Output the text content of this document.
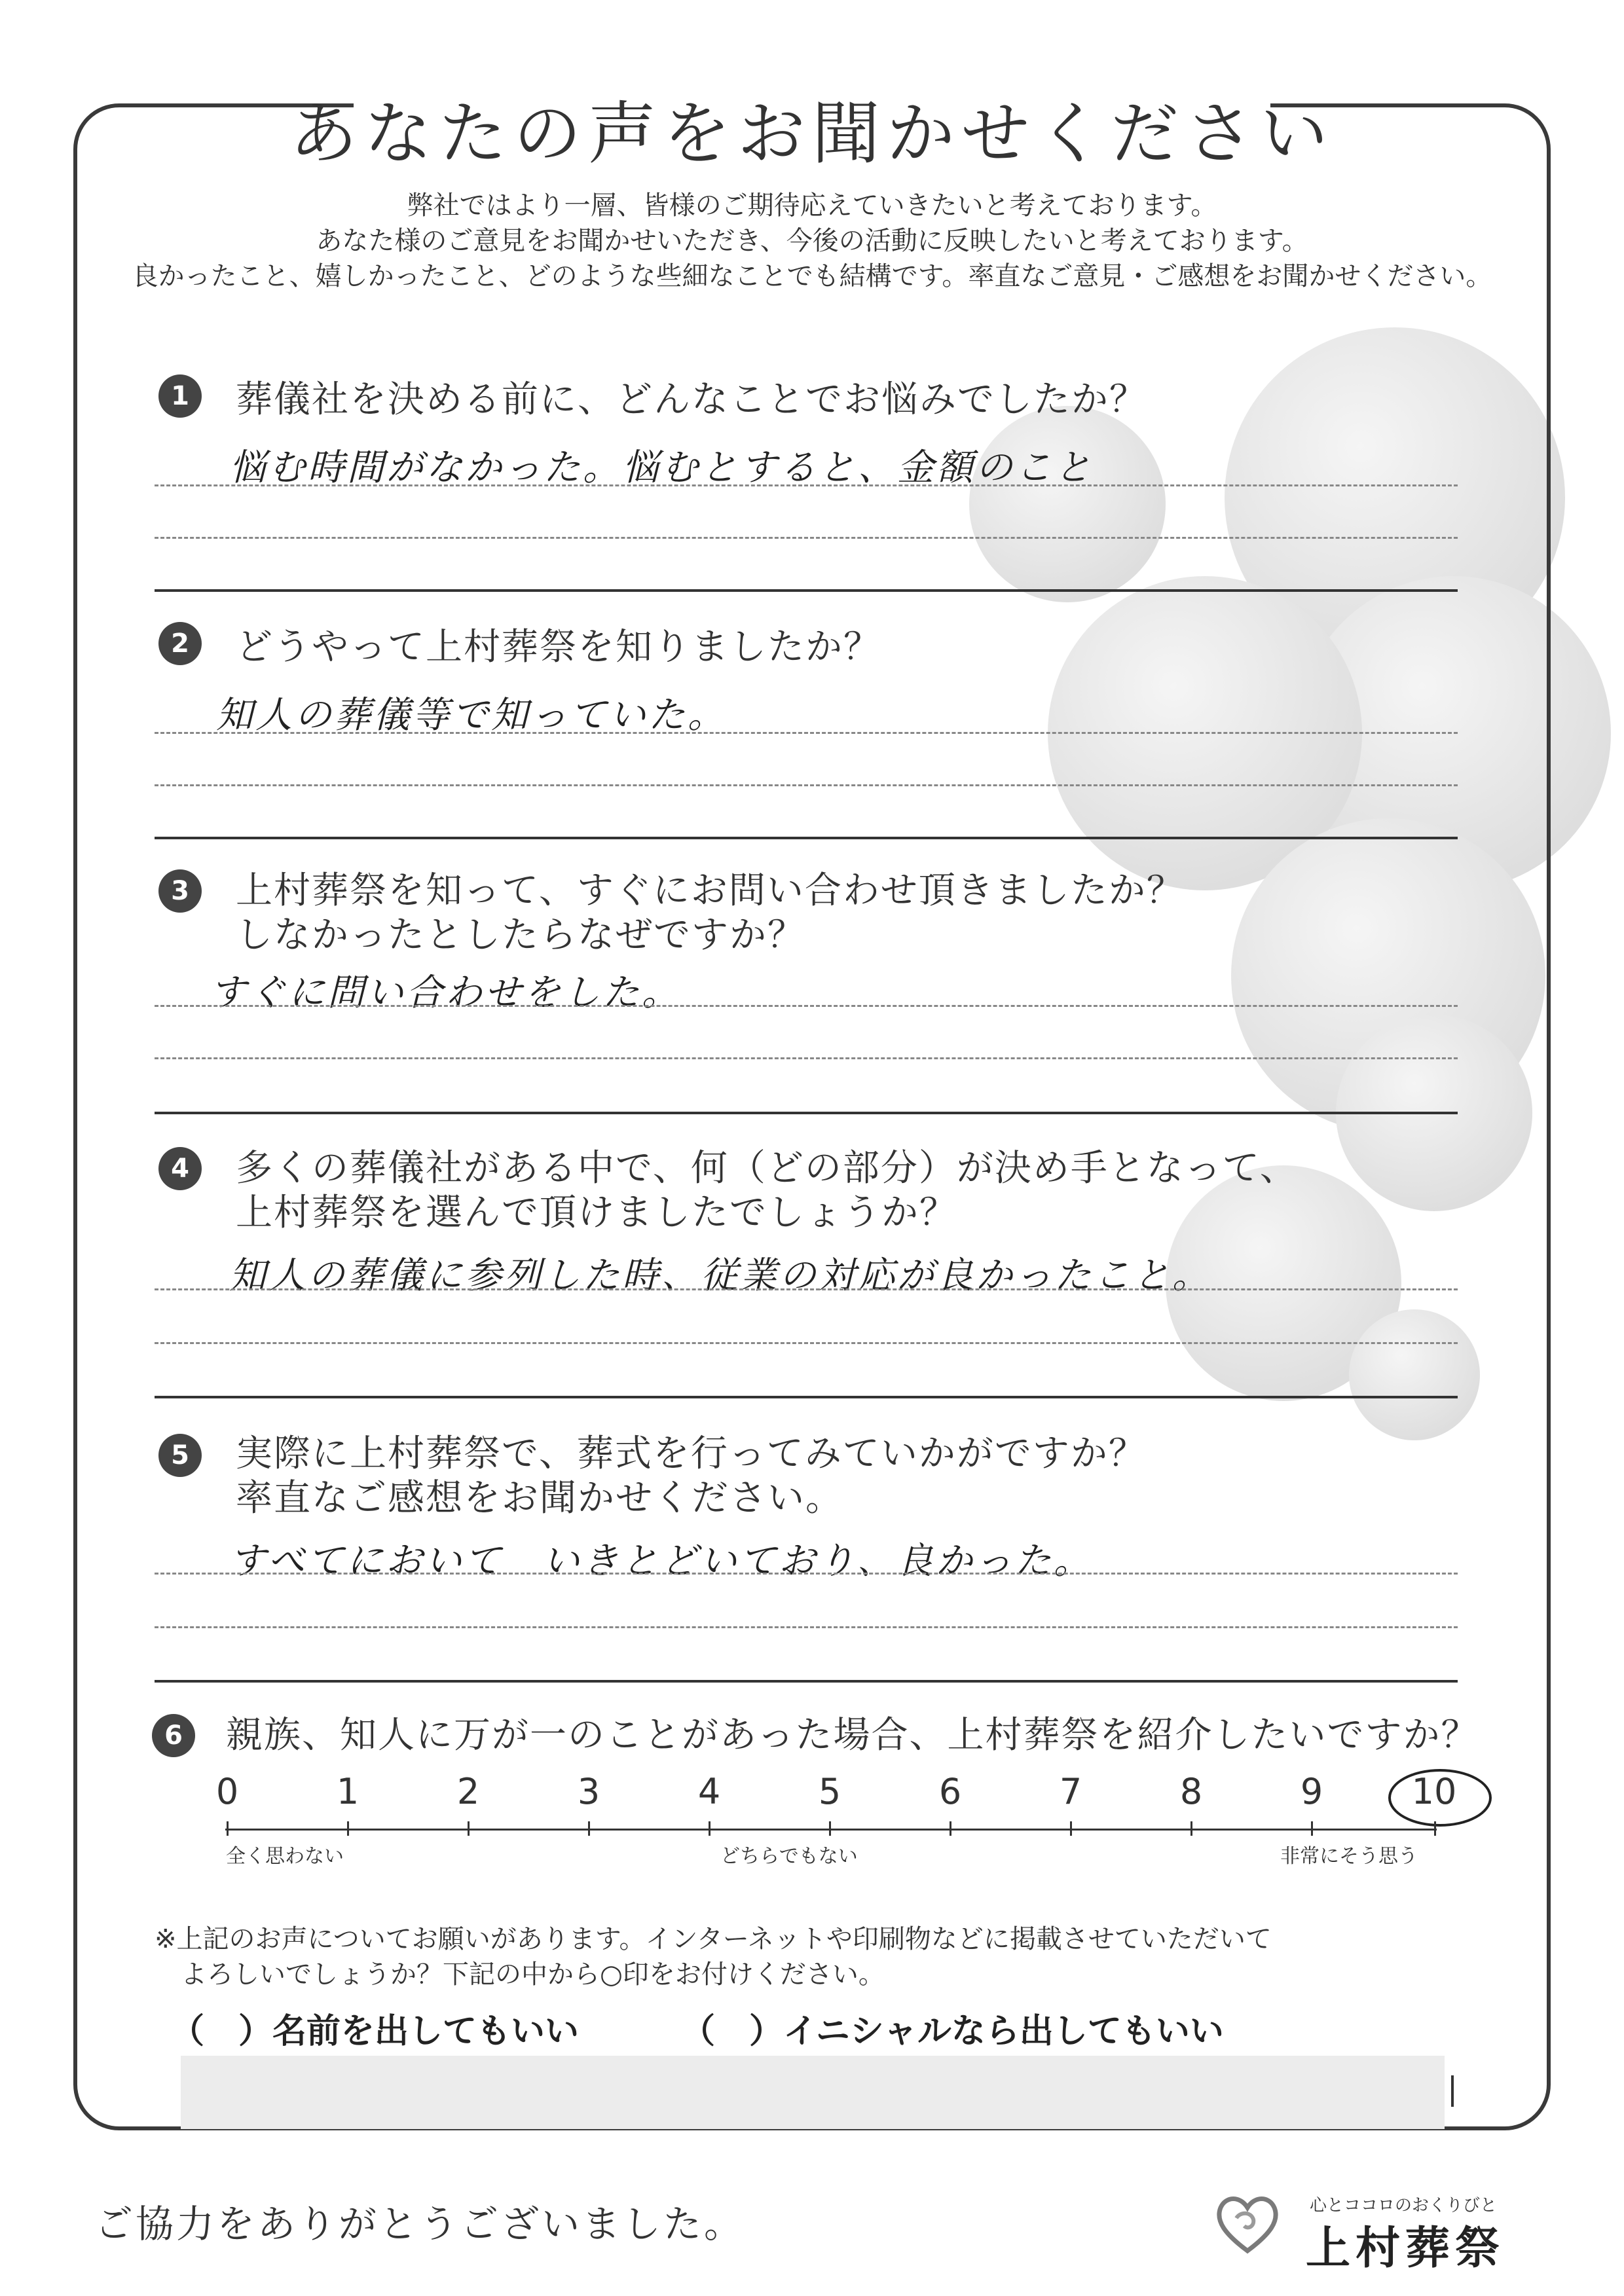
あなたの声をお聞かせください
弊社ではより一層、皆様のご期待応えていきたいと考えております。
あなた様のご意見をお聞かせいただき、今後の活動に反映したいと考えております。
良かったこと、嬉しかったこと、どのような些細なことでも結構です。率直なご意見・ご感想をお聞かせください。
1	葬儀社を決める前に、どんなことでお悩みでしたか？
悩む時間がなかった。悩むとすると、金額のこと
2	どうやって上村葬祭を知りましたか？
知人の葬儀等で知っていた。
3	上村葬祭を知って、すぐにお問い合わせ頂きましたか？
しなかったとしたらなぜですか？
すぐに問い合わせをした。
4	多くの葬儀社がある中で、何（どの部分）が決め手となって、
上村葬祭を選んで頂けましたでしょうか？
知人の葬儀に参列した時、従業の対応が良かったこと。
5	実際に上村葬祭で、葬式を行ってみていかがですか？
率直なご感想をお聞かせください。
すべてにおいて　いきとどいており、良かった。
6	親族、知人に万が一のことがあった場合、上村葬祭を紹介したいですか？
0	1	2	3	4	5	6	7	8	9	10
全く思わない	どちらでもない	非常にそう思う
※上記のお声についてお願いがあります。インターネットや印刷物などに掲載させていただいて
よろしいでしょうか？下記の中から○印をお付けください。
（　）名前を出してもいい	（　）イニシャルなら出してもいい
ご協力をありがとうございました。	心とココロのおくりびと
上村葬祭
